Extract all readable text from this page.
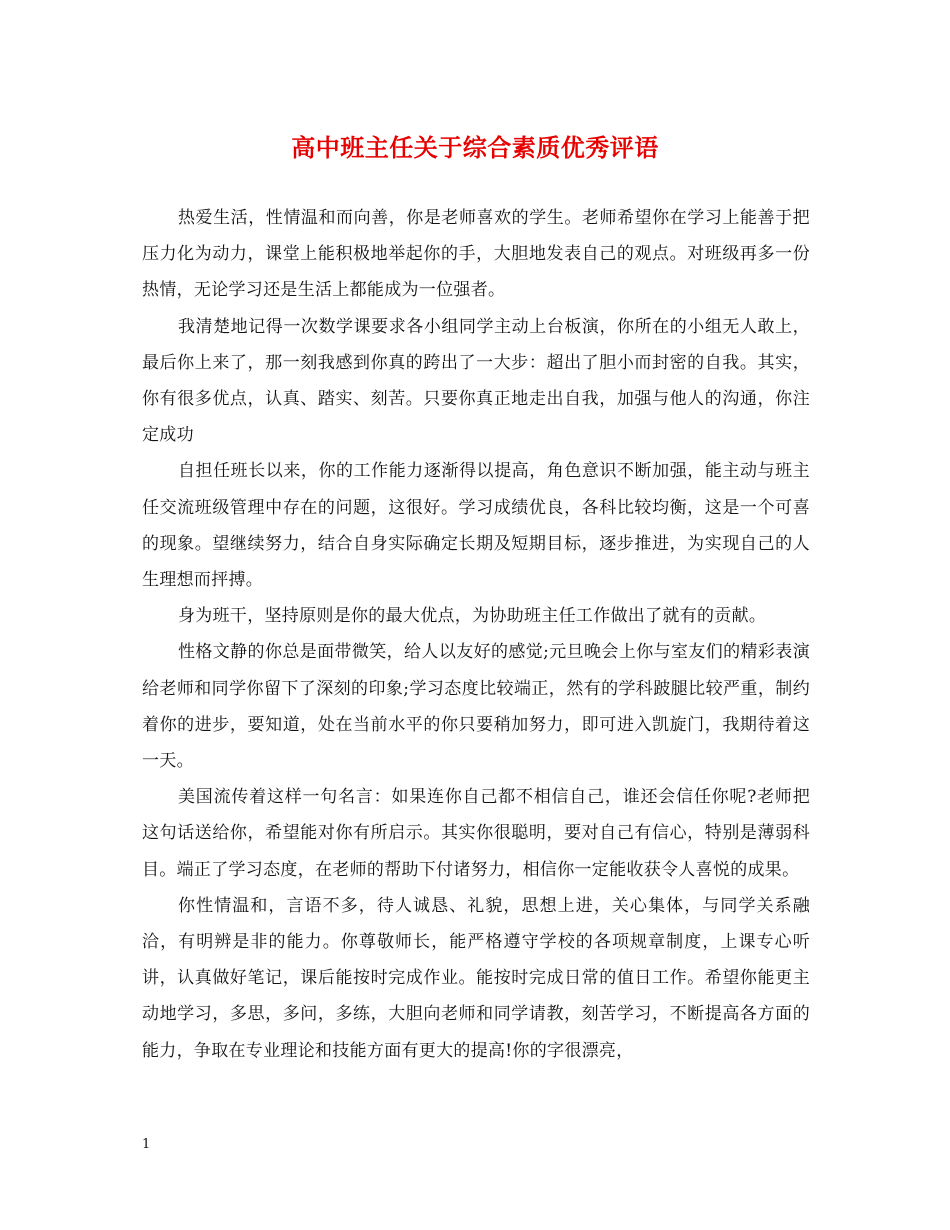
高中班主任关于综合素质优秀评语

热爱生活，性情温和而向善，你是老师喜欢的学生。老师希望你在学习上能善于把压力化为动力，课堂上能积极地举起你的手，大胆地发表自己的观点。对班级再多一份热情，无论学习还是生活上都能成为一位强者。

我清楚地记得一次数学课要求各小组同学主动上台板演，你所在的小组无人敢上，最后你上来了，那一刻我感到你真的跨出了一大步：超出了胆小而封密的自我。其实，你有很多优点，认真、踏实、刻苦。只要你真正地走出自我，加强与他人的沟通，你注定成功

自担任班长以来，你的工作能力逐渐得以提高，角色意识不断加强，能主动与班主任交流班级管理中存在的问题，这很好。学习成绩优良，各科比较均衡，这是一个可喜的现象。望继续努力，结合自身实际确定长期及短期目标，逐步推进，为实现自己的人生理想而抨搏。

身为班干，坚持原则是你的最大优点，为协助班主任工作做出了就有的贡献。

性格文静的你总是面带微笑，给人以友好的感觉;元旦晚会上你与室友们的精彩表演给老师和同学你留下了深刻的印象;学习态度比较端正，然有的学科跛腿比较严重，制约着你的进步，要知道，处在当前水平的你只要稍加努力，即可进入凯旋门，我期待着这一天。

美国流传着这样一句名言：如果连你自己都不相信自己，谁还会信任你呢?老师把这句话送给你，希望能对你有所启示。其实你很聪明，要对自己有信心，特别是薄弱科目。端正了学习态度，在老师的帮助下付诸努力，相信你一定能收获令人喜悦的成果。

你性情温和，言语不多，待人诚恳、礼貌，思想上进，关心集体，与同学关系融洽，有明辨是非的能力。你尊敬师长，能严格遵守学校的各项规章制度，上课专心听讲，认真做好笔记，课后能按时完成作业。能按时完成日常的值日工作。希望你能更主动地学习，多思，多问，多练，大胆向老师和同学请教，刻苦学习，不断提高各方面的能力，争取在专业理论和技能方面有更大的提高!你的字很漂亮，

1
